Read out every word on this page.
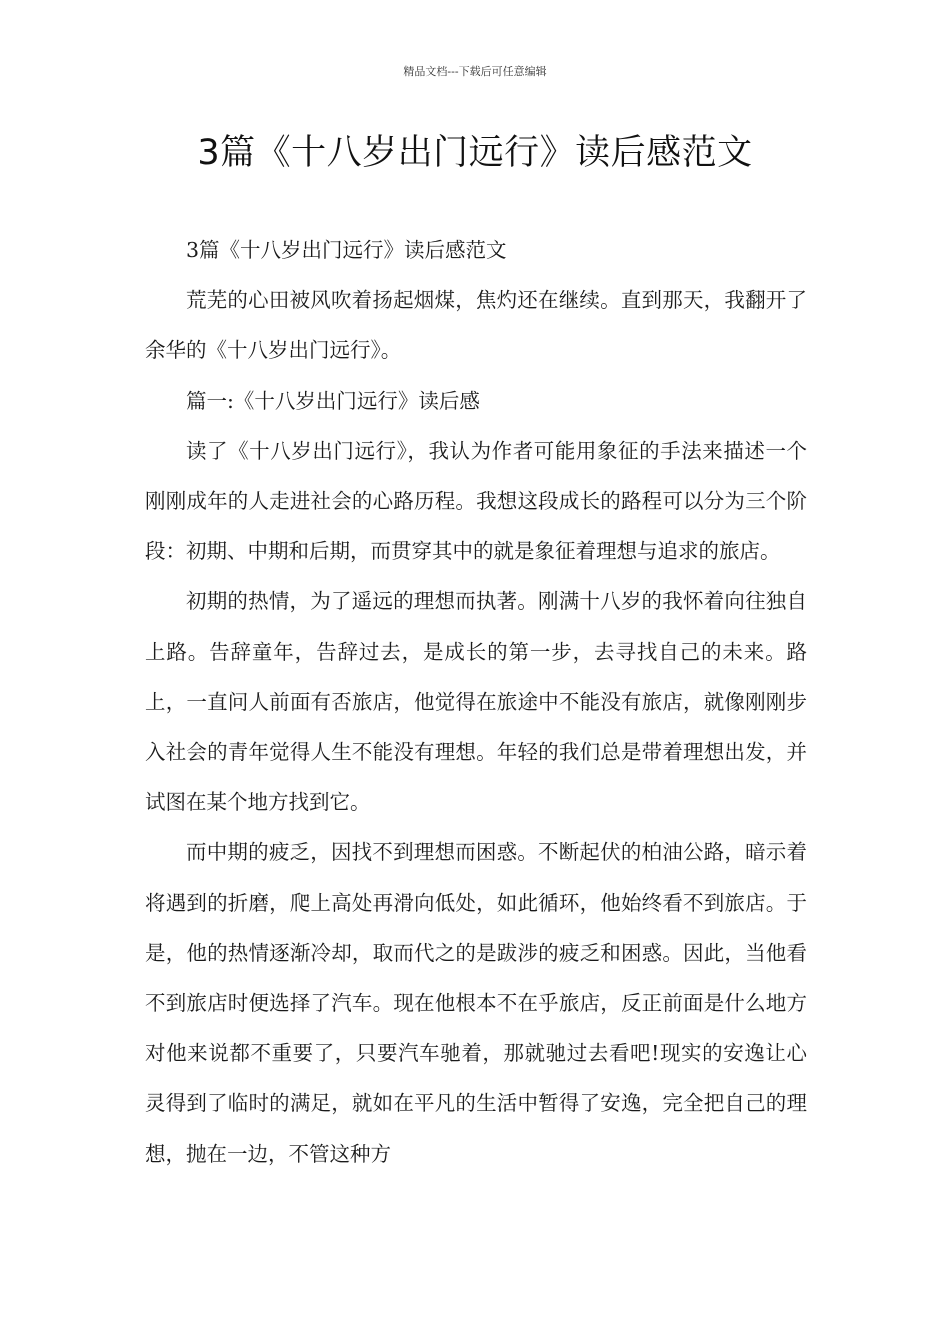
精品文档---下载后可任意编辑
3篇《十八岁出门远行》读后感范文

3篇《十八岁出门远行》读后感范文

荒芜的心田被风吹着扬起烟煤，焦灼还在继续。直到那天，我翻开了余华的《十八岁出门远行》。

篇一:《十八岁出门远行》读后感

读了《十八岁出门远行》，我认为作者可能用象征的手法来描述一个刚刚成年的人走进社会的心路历程。我想这段成长的路程可以分为三个阶段：初期、中期和后期，而贯穿其中的就是象征着理想与追求的旅店。

初期的热情，为了遥远的理想而执著。刚满十八岁的我怀着向往独自上路。告辞童年，告辞过去，是成长的第一步，去寻找自己的未来。路上，一直问人前面有否旅店，他觉得在旅途中不能没有旅店，就像刚刚步入社会的青年觉得人生不能没有理想。年轻的我们总是带着理想出发，并试图在某个地方找到它。

而中期的疲乏，因找不到理想而困惑。不断起伏的柏油公路，暗示着将遇到的折磨，爬上高处再滑向低处，如此循环，他始终看不到旅店。于是，他的热情逐渐冷却，取而代之的是跋涉的疲乏和困惑。因此，当他看不到旅店时便选择了汽车。现在他根本不在乎旅店，反正前面是什么地方对他来说都不重要了，只要汽车驰着，那就驰过去看吧!现实的安逸让心灵得到了临时的满足，就如在平凡的生活中暂得了安逸，完全把自己的理想，抛在一边，不管这种方
